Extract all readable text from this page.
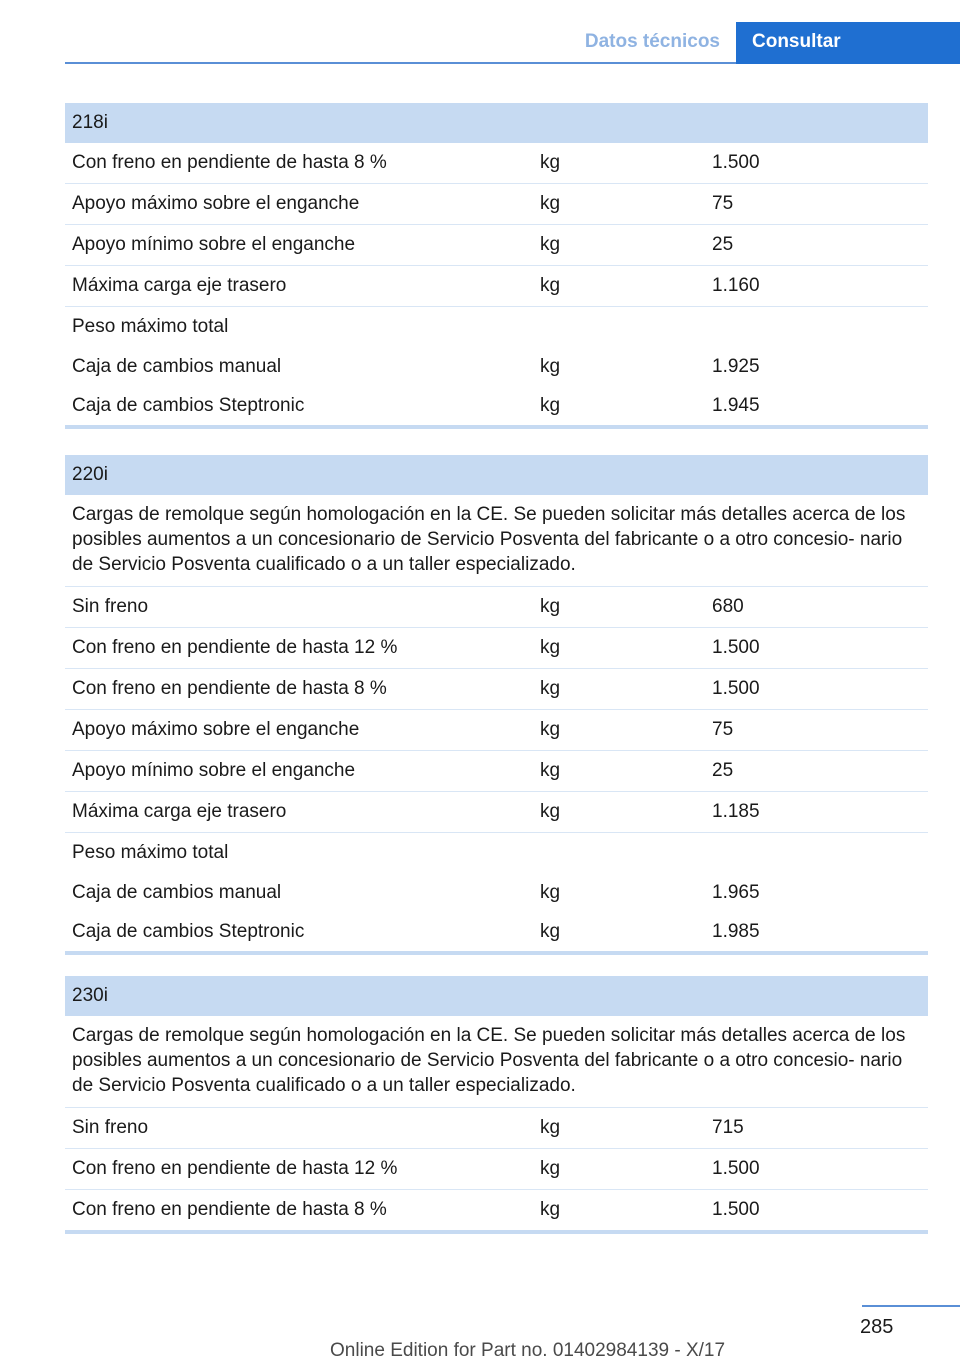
Datos técnicos	Consultar
218i
Con freno en pendiente de hasta 8 %	kg	1.500
Apoyo máximo sobre el enganche	kg	75
Apoyo mínimo sobre el enganche	kg	25
Máxima carga eje trasero	kg	1.160
Peso máximo total
Caja de cambios manual	kg	1.925
Caja de cambios Steptronic	kg	1.945
220i
Cargas de remolque según homologación en la CE. Se pueden solicitar más detalles acerca de los posibles aumentos a un concesionario de Servicio Posventa del fabricante o a otro concesio‐ nario de Servicio Posventa cualificado o a un taller especializado.
Sin freno	kg	680
Con freno en pendiente de hasta 12 %	kg	1.500
Con freno en pendiente de hasta 8 %	kg	1.500
Apoyo máximo sobre el enganche	kg	75
Apoyo mínimo sobre el enganche	kg	25
Máxima carga eje trasero	kg	1.185
Peso máximo total
Caja de cambios manual	kg	1.965
Caja de cambios Steptronic	kg	1.985
230i
Cargas de remolque según homologación en la CE. Se pueden solicitar más detalles acerca de los posibles aumentos a un concesionario de Servicio Posventa del fabricante o a otro concesio‐ nario de Servicio Posventa cualificado o a un taller especializado.
Sin freno	kg	715
Con freno en pendiente de hasta 12 %	kg	1.500
Con freno en pendiente de hasta 8 %	kg	1.500
285
Online Edition for Part no. 01402984139 - X/17
